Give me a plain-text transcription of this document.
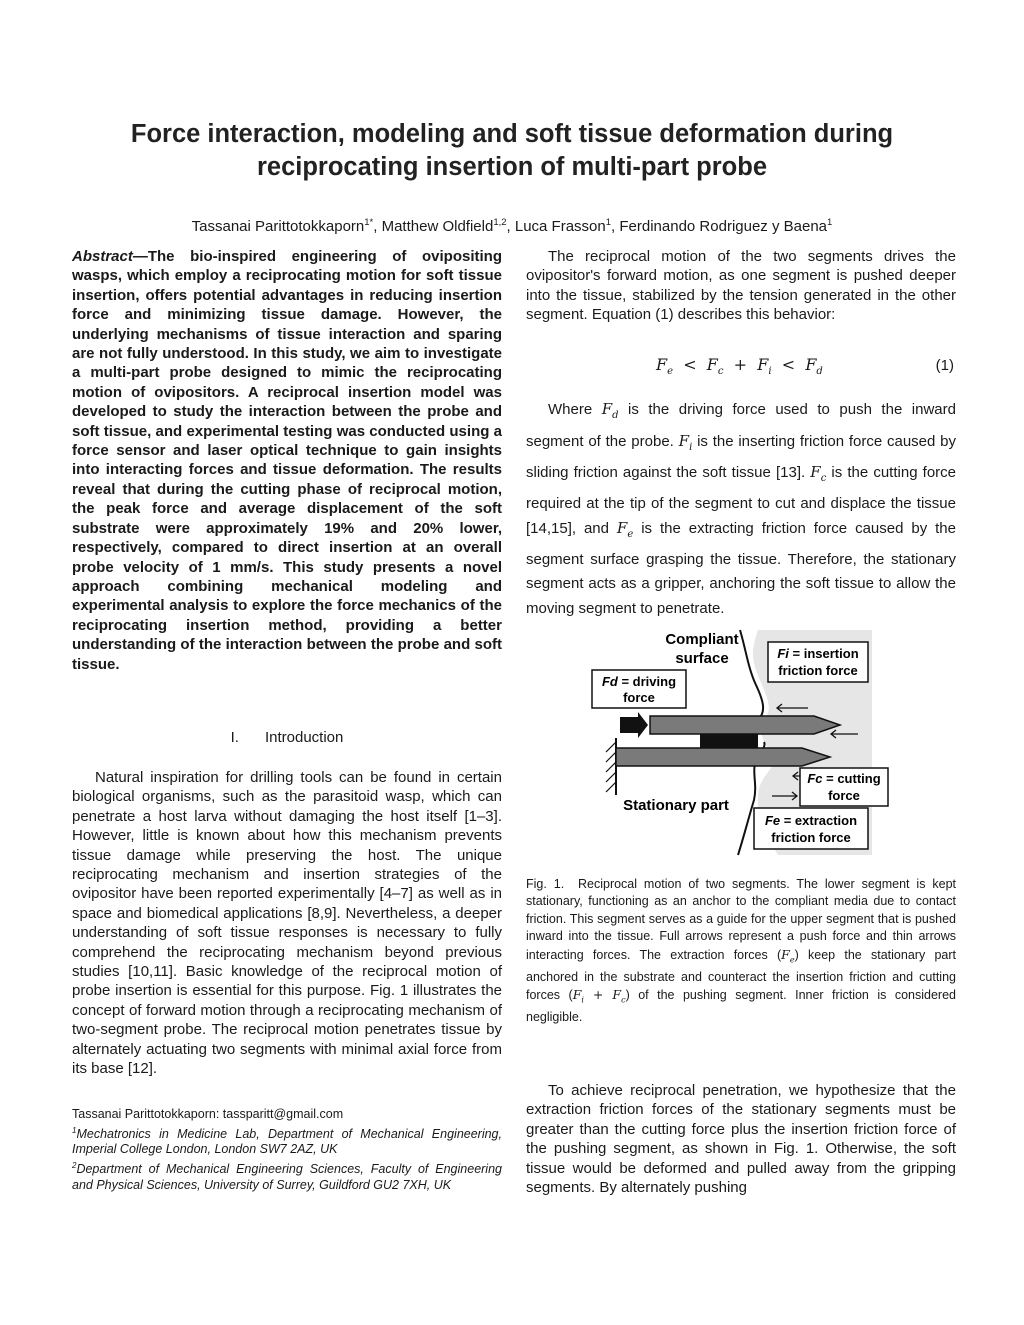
Force interaction, modeling and soft tissue deformation during
reciprocating insertion of multi-part probe
Tassanai Parittotokkaporn$^{1*}$, Matthew Oldfield$^{1,2}$, Luca Frasson$^1$, Ferdinando Rodriguez y Baena$^1$

Abstract—The bio-inspired engineering of ovipositing wasps, which employ a reciprocating motion for soft tissue insertion, offers potential advantages in reducing insertion force and minimizing tissue damage. However, the underlying mechanisms of tissue interaction and sparing are not fully understood. In this study, we aim to investigate a multi-part probe designed to mimic the reciprocating motion of ovipositors. A reciprocal insertion model was developed to study the interaction between the probe and soft tissue, and experimental testing was conducted using a force sensor and laser optical technique to gain insights into interacting forces and tissue deformation. The results reveal that during the cutting phase of reciprocal motion, the peak force and average displacement of the soft substrate were approximately 19% and 20% lower, respectively, compared to direct insertion at an overall probe velocity of 1 mm/s. This study presents a novel approach combining mechanical modeling and experimental analysis to explore the force mechanics of the reciprocating insertion method, providing a better understanding of the interaction between the probe and soft tissue.

I. Introduction

Natural inspiration for drilling tools can be found in certain biological organisms, such as the parasitoid wasp, which can penetrate a host larva without damaging the host itself [1–3]. However, little is known about how this mechanism prevents tissue damage while preserving the host. The unique reciprocating mechanism and insertion strategies of the ovipositor have been reported experimentally [4–7] as well as in space and biomedical applications [8,9]. Nevertheless, a deeper understanding of soft tissue responses is necessary to fully comprehend the reciprocating mechanism beyond previous studies [10,11]. Basic knowledge of the reciprocal motion of probe insertion is essential for this purpose. Fig. 1 illustrates the concept of forward motion through a reciprocating mechanism of two-segment probe. The reciprocal motion penetrates tissue by alternately actuating two segments with minimal axial force from its base [12].

Tassanai Parittotokkaporn: tassparitt@gmail.com

$^1$Mechatronics in Medicine Lab, Department of Mechanical Engineering, Imperial College London, London SW7 2AZ, UK

$^2$Department of Mechanical Engineering Sciences, Faculty of Engineering and Physical Sciences, University of Surrey, Guildford GU2 7XH, UK

The reciprocal motion of the two segments drives the ovipositor's forward motion, as one segment is pushed deeper into the tissue, stabilized by the tension generated in the other segment. Equation (1) describes this behavior:

$F_e < F_c + F_i < F_d$	(1)

Where $F_d$ is the driving force used to push the inward segment of the probe. $F_i$ is the inserting friction force caused by sliding friction against the soft tissue [13]. $F_c$ is the cutting force required at the tip of the segment to cut and displace the tissue [14,15], and $F_e$ is the extracting friction force caused by the segment surface grasping the tissue. Therefore, the stationary segment acts as a gripper, anchoring the soft tissue to allow the moving segment to penetrate.

Compliant
surface
Fd = driving
force
Fi = insertion
friction force
Fc = cutting
force
Stationary part
Fe = extraction
friction force

Fig. 1. Reciprocal motion of two segments. The lower segment is kept stationary, functioning as an anchor to the compliant media due to contact friction. This segment serves as a guide for the upper segment that is pushed inward into the tissue. Full arrows represent a push force and thin arrows interacting forces. The extraction forces $(F_e)$ keep the stationary part anchored in the substrate and counteract the insertion friction and cutting forces $(F_i + F_c)$ of the pushing segment. Inner friction is considered negligible.

To achieve reciprocal penetration, we hypothesize that the extraction friction forces of the stationary segments must be greater than the cutting force plus the insertion friction force of the pushing segment, as shown in Fig. 1. Otherwise, the soft tissue would be deformed and pulled away from the gripping segments. By alternately pushing
